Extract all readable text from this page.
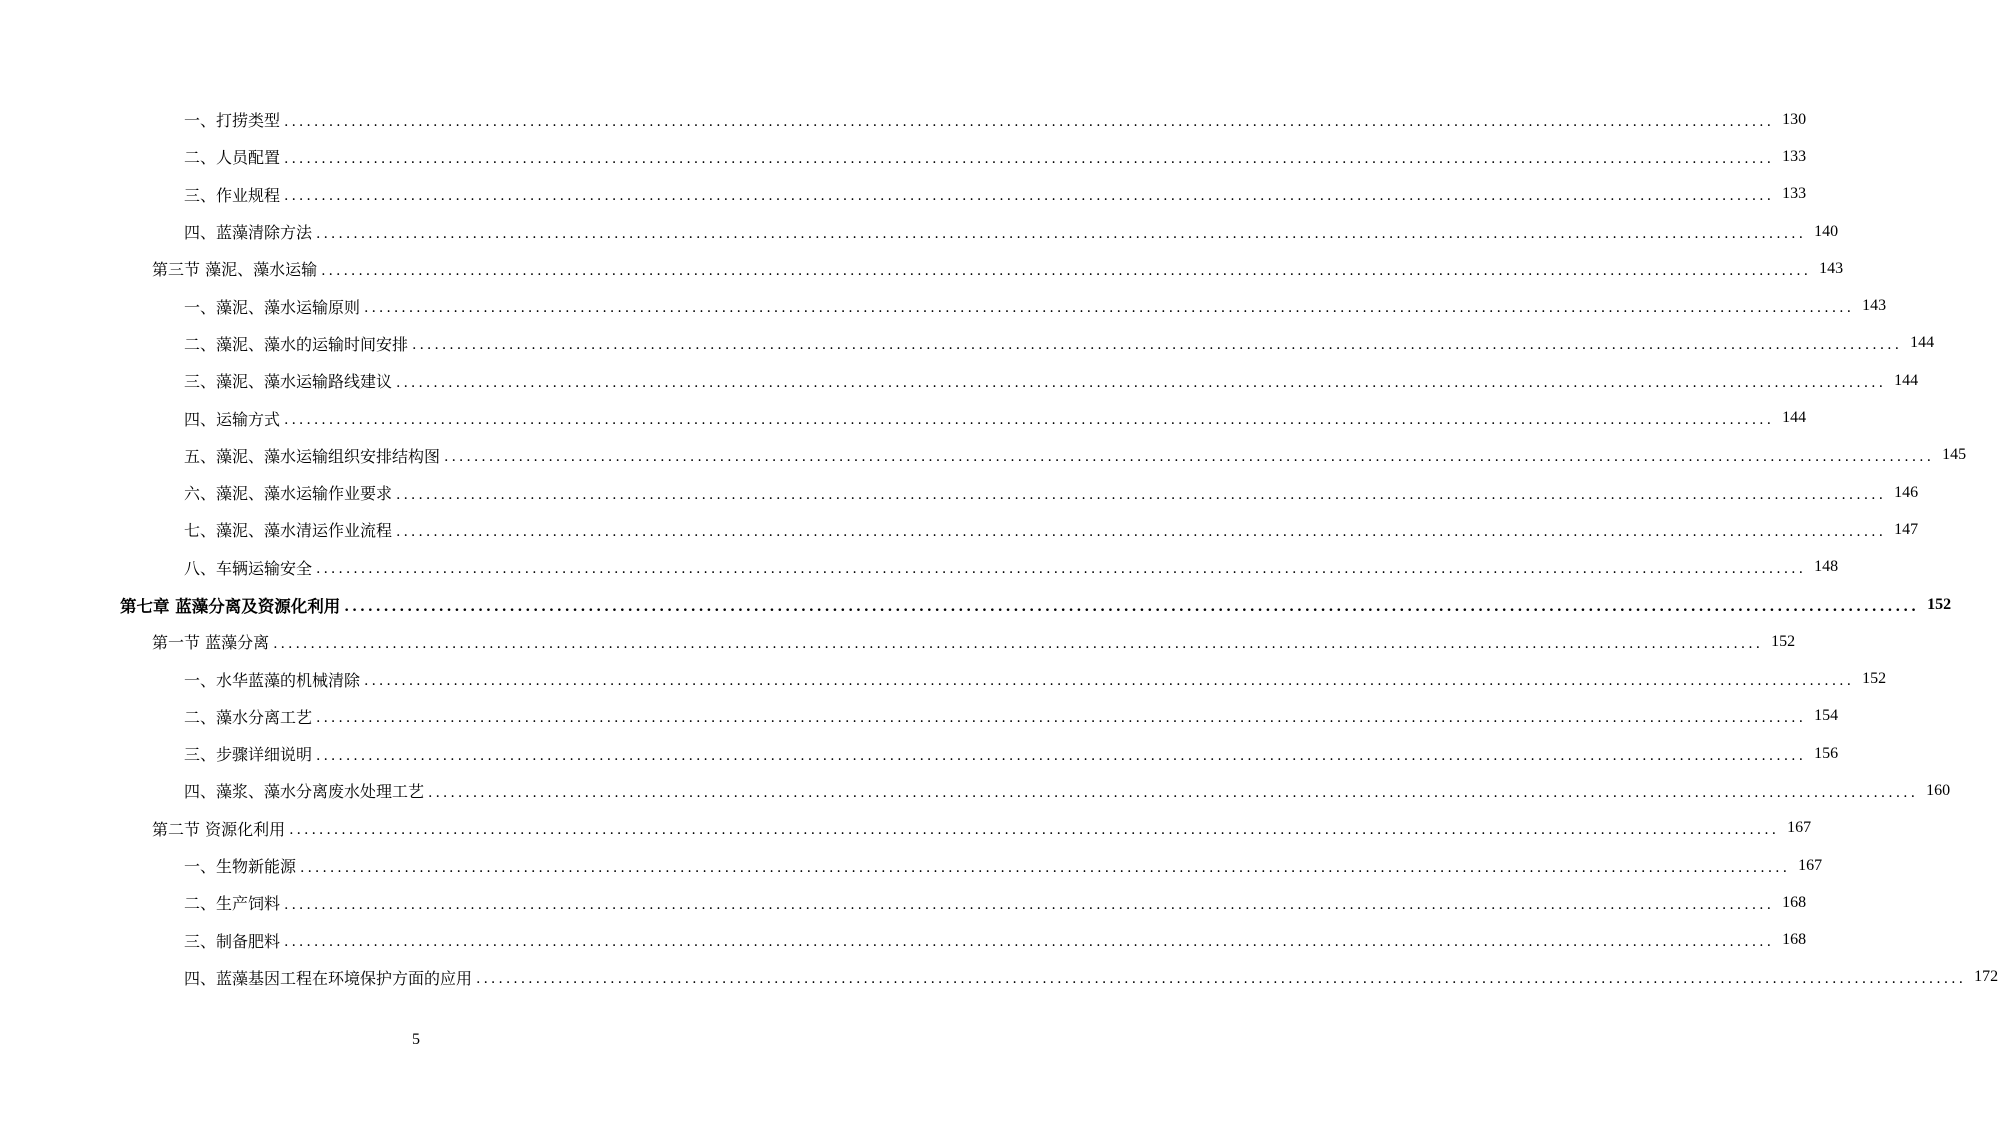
一、打捞类型 ........................................................................................................................................................................................................ 130
二、人员配置 ........................................................................................................................................................................................................ 133
三、作业规程 ........................................................................................................................................................................................................ 133
四、蓝藻清除方法 ........................................................................................................................................................................................................ 140
第三节 藻泥、藻水运输 ........................................................................................................................................................................................................ 143
一、藻泥、藻水运输原则 ........................................................................................................................................................................................................ 143
二、藻泥、藻水的运输时间安排 ........................................................................................................................................................................................................ 144
三、藻泥、藻水运输路线建议 ........................................................................................................................................................................................................ 144
四、运输方式 ........................................................................................................................................................................................................ 144
五、藻泥、藻水运输组织安排结构图 ........................................................................................................................................................................................................ 145
六、藻泥、藻水运输作业要求 ........................................................................................................................................................................................................ 146
七、藻泥、藻水清运作业流程 ........................................................................................................................................................................................................ 147
八、车辆运输安全 ........................................................................................................................................................................................................ 148
第七章 蓝藻分离及资源化利用 ........................................................................................................................................................................................................ 152
第一节 蓝藻分离 ........................................................................................................................................................................................................ 152
一、水华蓝藻的机械清除 ........................................................................................................................................................................................................ 152
二、藻水分离工艺 ........................................................................................................................................................................................................ 154
三、步骤详细说明 ........................................................................................................................................................................................................ 156
四、藻浆、藻水分离废水处理工艺 ........................................................................................................................................................................................................ 160
第二节 资源化利用 ........................................................................................................................................................................................................ 167
一、生物新能源 ........................................................................................................................................................................................................ 167
二、生产饲料 ........................................................................................................................................................................................................ 168
三、制备肥料 ........................................................................................................................................................................................................ 168
四、蓝藻基因工程在环境保护方面的应用 ........................................................................................................................................................................................................ 172
5
